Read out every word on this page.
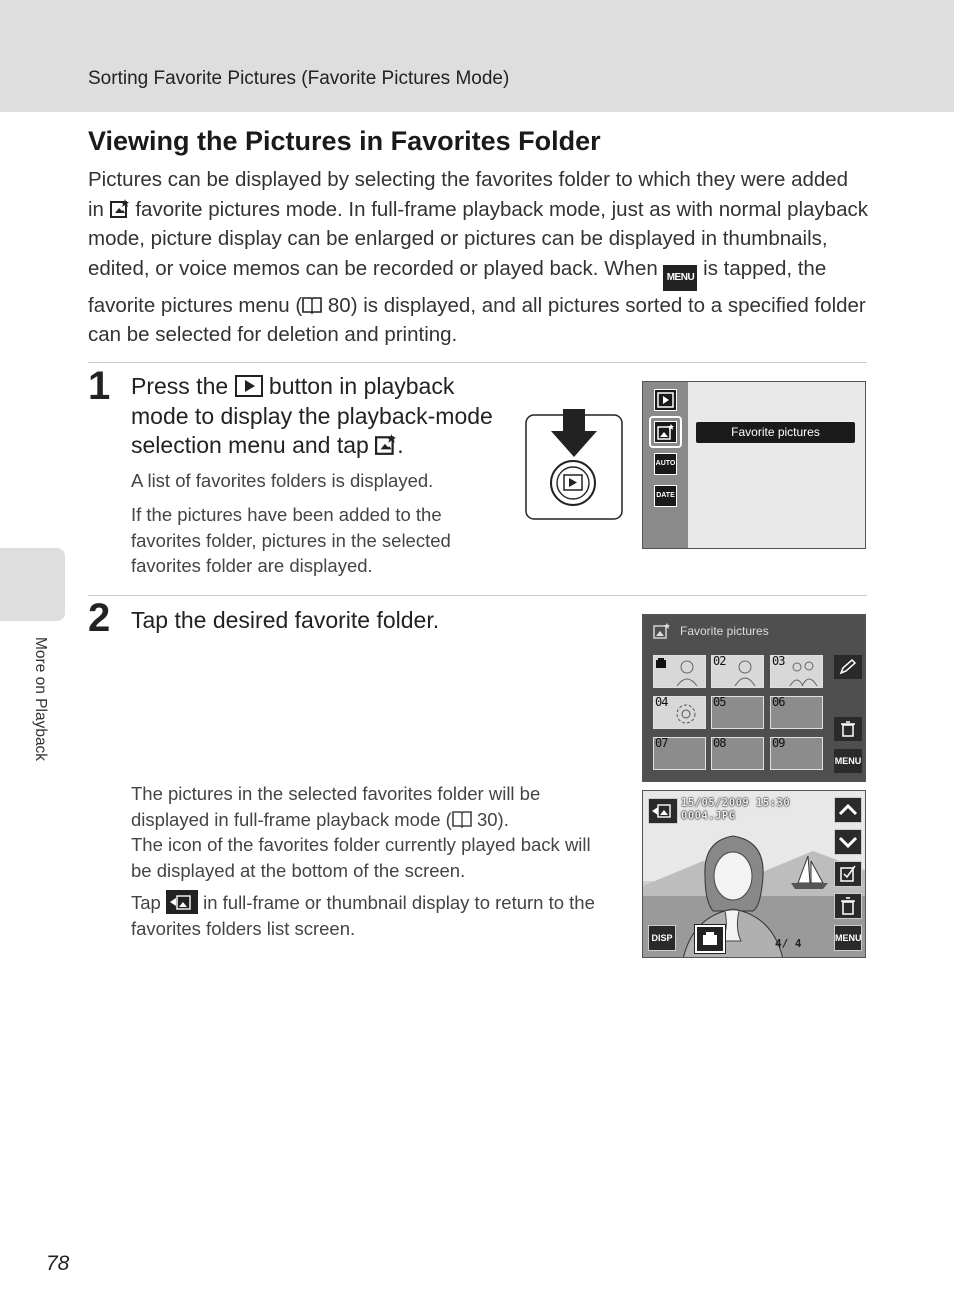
Sorting Favorite Pictures (Favorite Pictures Mode)
Viewing the Pictures in Favorites Folder

Pictures can be displayed by selecting the favorites folder to which they were added in  favorite pictures mode. In full-frame playback mode, just as with normal playback mode, picture display can be enlarged or pictures can be displayed in thumbnails, edited, or voice memos can be recorded or played back. When MENU is tapped, the favorite pictures menu ( 80) is displayed, and all pictures sorted to a specified folder can be selected for deletion and printing.

1 Press the  button in playback mode to display the playback-mode selection menu and tap .
A list of favorites folders is displayed.
If the pictures have been added to the favorites folder, pictures in the selected favorites folder are displayed.
AUTO
DATE
Favorite pictures
2 Tap the desired favorite folder.	Favorite pictures
02	03
04	05	06
07	08	09
MENU
15/05/2009 15:30
0004.JPG
MENU
DISP	4/ 4
The pictures in the selected favorites folder will be displayed in full-frame playback mode ( 30).
The icon of the favorites folder currently played back will be displayed at the bottom of the screen.
Tap  in full-frame or thumbnail display to return to the favorites folders list screen.
More on Playback
78
